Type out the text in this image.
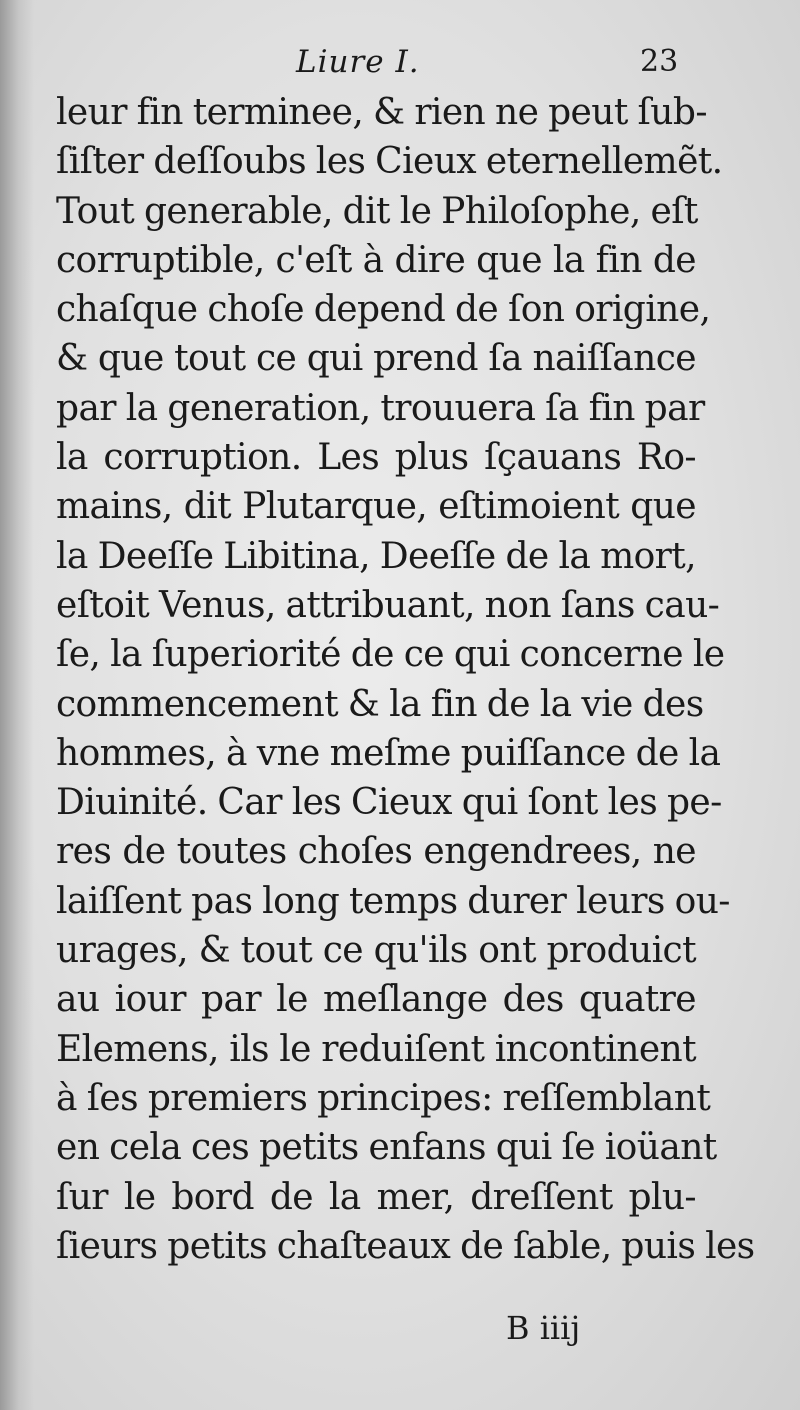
Liure I.	23
leur fin terminee, & rien ne peut ſub-
ſiſter deſſoubs les Cieux eternellemẽt.
Tout generable, dit le Philoſophe, eſt
corruptible, c'eſt à dire que la fin de
chaſque choſe depend de ſon origine,
& que tout ce qui prend ſa naiſſance
par la generation, trouuera ſa fin par
la corruption. Les plus ſçauans Ro-
mains, dit Plutarque, eſtimoient que
la Deeſſe Libitina, Deeſſe de la mort,
eſtoit Venus, attribuant, non ſans cau-
ſe, la ſuperiorité de ce qui concerne le
commencement & la fin de la vie des
hommes, à vne meſme puiſſance de la
Diuinité. Car les Cieux qui ſont les pe-
res de toutes choſes engendrees, ne
laiſſent pas long temps durer leurs ou-
urages, & tout ce qu'ils ont produict
au iour par le meſlange des quatre
Elemens, ils le reduiſent incontinent
à ſes premiers principes: reſſemblant
en cela ces petits enfans qui ſe ioüant
ſur le bord de la mer, dreſſent plu-
ſieurs petits chaſteaux de ſable, puis les
B iiij
